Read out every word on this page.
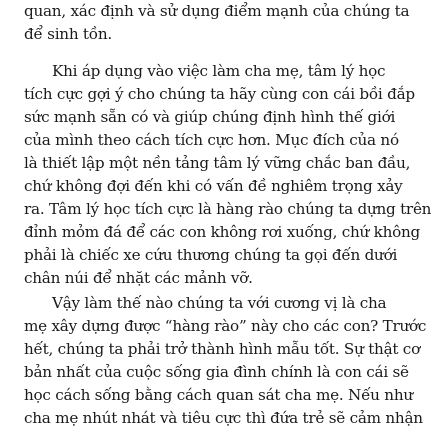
quan, xác định và sử dụng điểm mạnh của chúng ta
để sinh tồn.
Khi áp dụng vào việc làm cha mẹ, tâm lý học
tích cực gợi ý cho chúng ta hãy cùng con cái bồi đắp
sức mạnh sẵn có và giúp chúng định hình thế giới
của mình theo cách tích cực hơn. Mục đích của nó
là thiết lập một nền tảng tâm lý vững chắc ban đầu,
chứ không đợi đến khi có vấn đề nghiêm trọng xảy
ra. Tâm lý học tích cực là hàng rào chúng ta dựng trên
đỉnh mỏm đá để các con không rơi xuống, chứ không
phải là chiếc xe cứu thương chúng ta gọi đến dưới
chân núi để nhặt các mảnh vỡ.
Vậy làm thế nào chúng ta với cương vị là cha
mẹ xây dựng được “hàng rào” này cho các con? Trước
hết, chúng ta phải trở thành hình mẫu tốt. Sự thật cơ
bản nhất của cuộc sống gia đình chính là con cái sẽ
học cách sống bằng cách quan sát cha mẹ. Nếu như
cha mẹ nhút nhát và tiêu cực thì đứa trẻ sẽ cảm nhận
